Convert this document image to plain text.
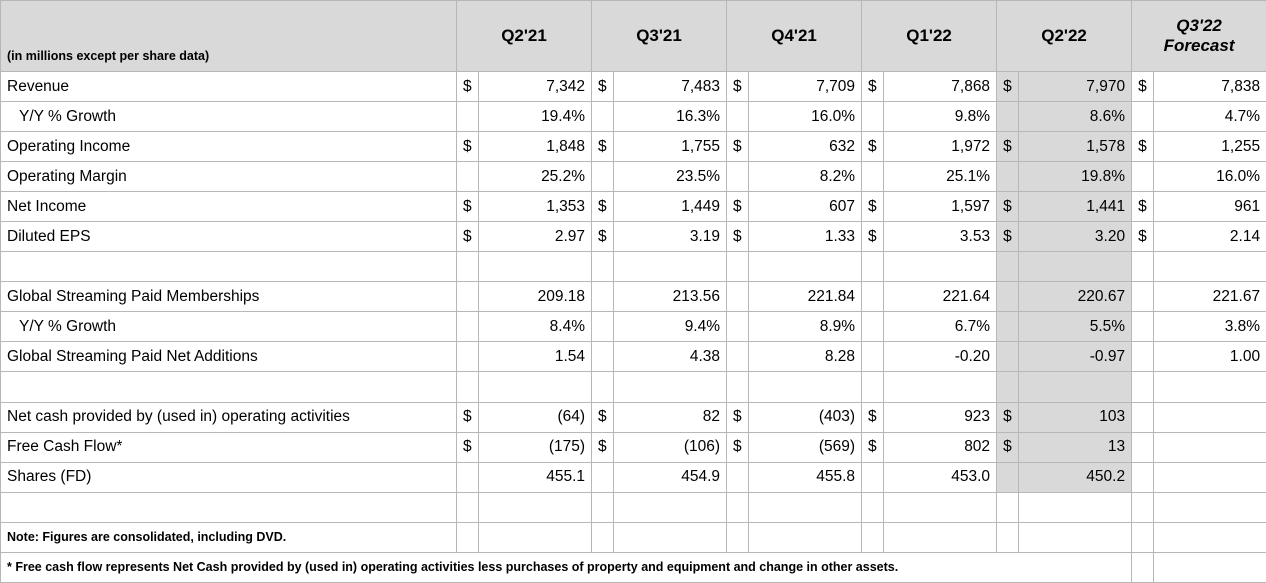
(in millions except per share data)	Q2'21		Q3'21		Q4'21		Q1'22		Q2'22		Q3'22
Forecast	

Revenue	$	7,342	$	7,483	$	7,709	$	7,868	$	7,970	$	7,838
Y/Y % Growth		19.4%		16.3%		16.0%		9.8%		8.6%		4.7%
Operating Income	$	1,848	$	1,755	$	632	$	1,972	$	1,578	$	1,255
Operating Margin		25.2%		23.5%		8.2%		25.1%		19.8%		16.0%
Net Income	$	1,353	$	1,449	$	607	$	1,597	$	1,441	$	961
Diluted EPS	$	2.97	$	3.19	$	1.33	$	3.53	$	3.20	$	2.14

Global Streaming Paid Memberships		209.18		213.56		221.84		221.64		220.67		221.67
Y/Y % Growth		8.4%		9.4%		8.9%		6.7%		5.5%		3.8%
Global Streaming Paid Net Additions		1.54		4.38		8.28		-0.20		-0.97		1.00

Net cash provided by (used in) operating activities	$	(64)	$	82	$	(403)	$	923	$	103		
Free Cash Flow*	$	(175)	$	(106)	$	(569)	$	802	$	13		
Shares (FD)		455.1		454.9		455.8		453.0		450.2		

Note: Figures are consolidated, including DVD.												
* Free cash flow represents Net Cash provided by (used in) operating activities less purchases of property and equipment and change in other assets.												
